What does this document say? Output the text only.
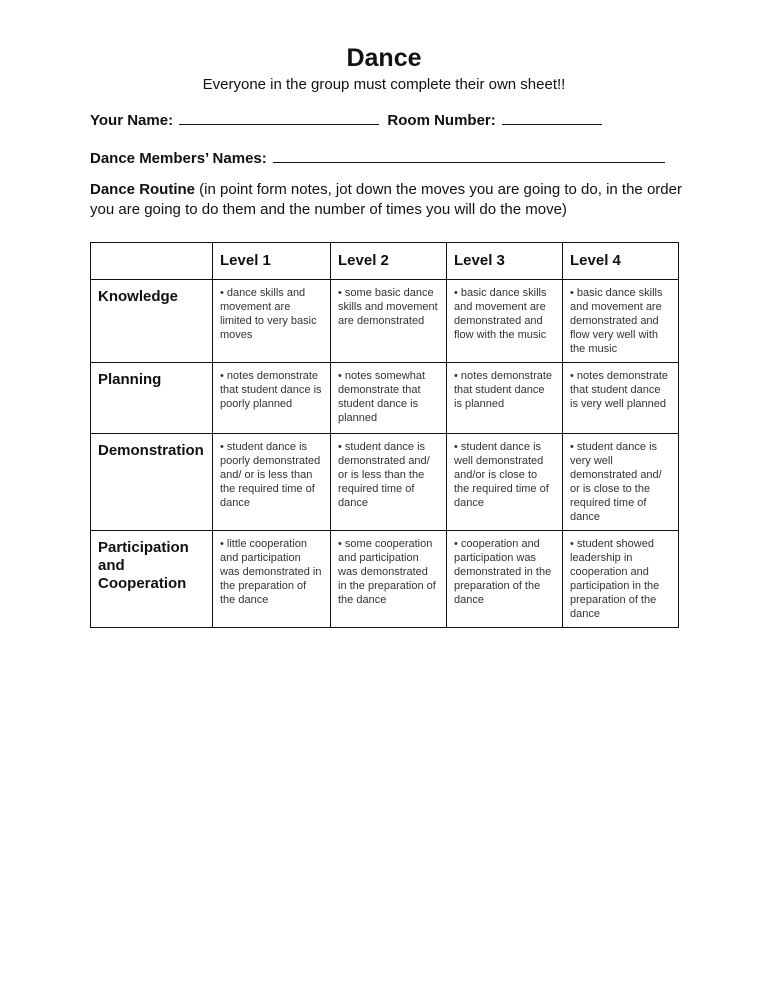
Dance
Everyone in the group must complete their own sheet!!
Your Name:	Room Number:
Dance Members’ Names:
Dance Routine (in point form notes, jot down the moves you are going to do, in the order you are going to do them and the number of times you will do the move)
	Level 1	Level 2	Level 3	Level 4
Knowledge	• dance skills and movement are limited to very basic moves	• some basic dance skills and movement are demonstrated	• basic dance skills and movement are demonstrated and flow with the music	• basic dance skills and movement are demonstrated and flow very well with the music
Planning	• notes demonstrate that student dance is poorly planned	• notes somewhat demonstrate that student dance is planned	• notes demonstrate that student dance is planned	• notes demonstrate that student dance is very well planned
Demonstration	• student dance is poorly demonstrated and/ or is less than the required time of dance	• student dance is demonstrated and/ or is less than the required time of dance	• student dance is well demonstrated and/or is close to the required time of dance	• student dance is very well demonstrated and/ or is close to the required time of dance
Participation and Cooperation	• little cooperation and participation was demonstrated in the preparation of the dance	• some cooperation and participation was demonstrated in the preparation of the dance	• cooperation and participation was demonstrated in the preparation of the dance	• student showed leadership in cooperation and participation in the preparation of the dance
